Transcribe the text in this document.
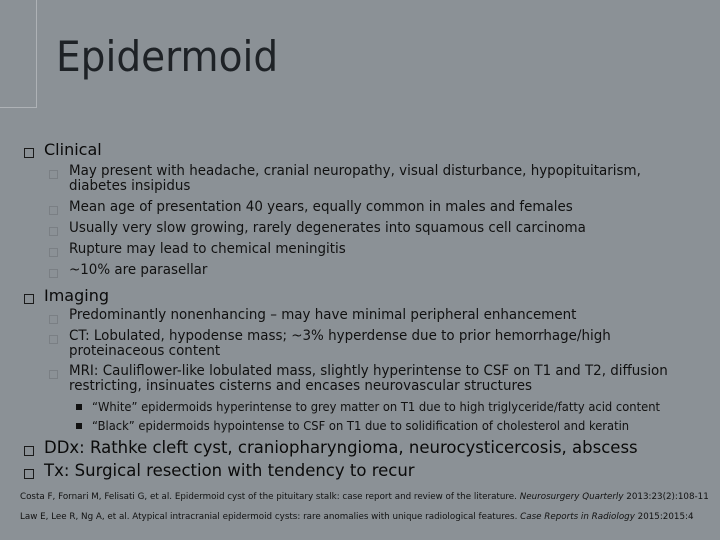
Epidermoid
Clinical
May present with headache, cranial neuropathy, visual disturbance, hypopituitarism,
diabetes insipidus
Mean age of presentation 40 years, equally common in males and females
Usually very slow growing, rarely degenerates into squamous cell carcinoma
Rupture may lead to chemical meningitis
~10% are parasellar
Imaging
Predominantly nonenhancing – may have minimal peripheral enhancement
CT: Lobulated, hypodense mass; ~3% hyperdense due to prior hemorrhage/high
proteinaceous content
MRI: Cauliflower-like lobulated mass, slightly hyperintense to CSF on T1 and T2, diffusion
restricting, insinuates cisterns and encases neurovascular structures
“White” epidermoids hyperintense to grey matter on T1 due to high triglyceride/fatty acid content
“Black” epidermoids hypointense to CSF on T1 due to solidification of cholesterol and keratin
DDx: Rathke cleft cyst, craniopharyngioma, neurocysticercosis, abscess
Tx: Surgical resection with tendency to recur
Costa F, Fornari M, Felisati G, et al. Epidermoid cyst of the pituitary stalk: case report and review of the literature. Neurosurgery Quarterly 2013:23(2):108-11
Law E, Lee R, Ng A, et al. Atypical intracranial epidermoid cysts: rare anomalies with unique radiological features. Case Reports in Radiology 2015:2015:4
